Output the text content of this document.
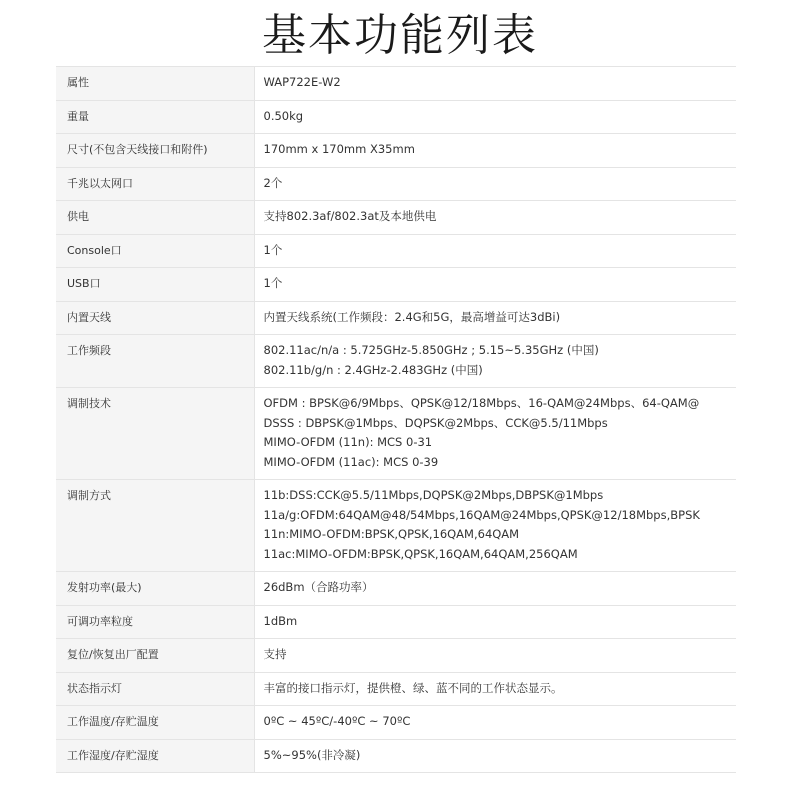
基本功能列表
属性	WAP722E-W2

重量	0.50kg

尺寸(不包含天线接口和附件)	170mm x 170mm X35mm

千兆以太网口	2个

供电	支持802.3af/802.3at及本地供电

Console口	1个

USB口	1个

内置天线	内置天线系统(工作频段：2.4G和5G，最高增益可达3dBi)

工作频段	802.11ac/n/a : 5.725GHz-5.850GHz ; 5.15~5.35GHz (中国)
802.11b/g/n : 2.4GHz-2.483GHz (中国)

调制技术	OFDM : BPSK@6/9Mbps、QPSK@12/18Mbps、16-QAM@24Mbps、64-QAM@
DSSS : DBPSK@1Mbps、DQPSK@2Mbps、CCK@5.5/11Mbps
MIMO-OFDM (11n): MCS 0-31
MIMO-OFDM (11ac): MCS 0-39

调制方式	11b:DSS:CCK@5.5/11Mbps,DQPSK@2Mbps,DBPSK@1Mbps
11a/g:OFDM:64QAM@48/54Mbps,16QAM@24Mbps,QPSK@12/18Mbps,BPSK
11n:MIMO-OFDM:BPSK,QPSK,16QAM,64QAM
11ac:MIMO-OFDM:BPSK,QPSK,16QAM,64QAM,256QAM

发射功率(最大)	26dBm（合路功率）

可调功率粒度	1dBm

复位/恢复出厂配置	支持

状态指示灯	丰富的接口指示灯，提供橙、绿、蓝不同的工作状态显示。

工作温度/存贮温度	0ºC ~ 45ºC/-40ºC ~ 70ºC

工作湿度/存贮湿度	5%~95%(非冷凝)
